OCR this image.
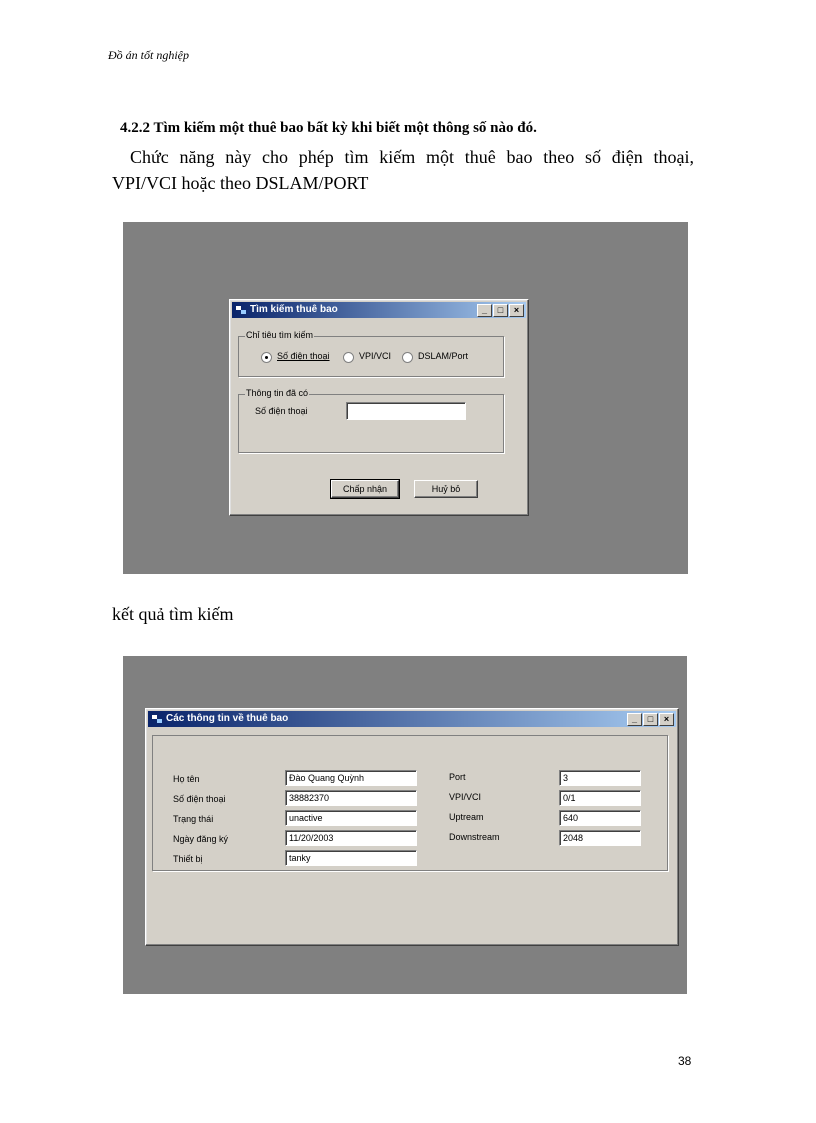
Đồ án tốt nghiệp
4.2.2 Tìm kiếm một thuê bao bất kỳ khi biết một thông số nào đó.
Chức năng này cho phép tìm kiếm một thuê bao theo số điện thoại,
VPI/VCI hoặc theo DSLAM/PORT
Tìm kiếm thuê bao	_ □ ×
Chỉ tiêu tìm kiếm
Số điện thoại	VPI/VCI	DSLAM/Port
Thông tin đã có
Số điện thoại
Chấp nhận	Huỷ bỏ
kết quả tìm kiếm
Các thông tin về thuê bao	_ □ ×
Họ tên	Đào Quang Quỳnh
Số điện thoại	38882370
Trạng thái	unactive
Ngày đăng ký	11/20/2003
Thiết bị	tanky
Port	3
VPI/VCI	0/1
Uptream	640
Downstream	2048
38
